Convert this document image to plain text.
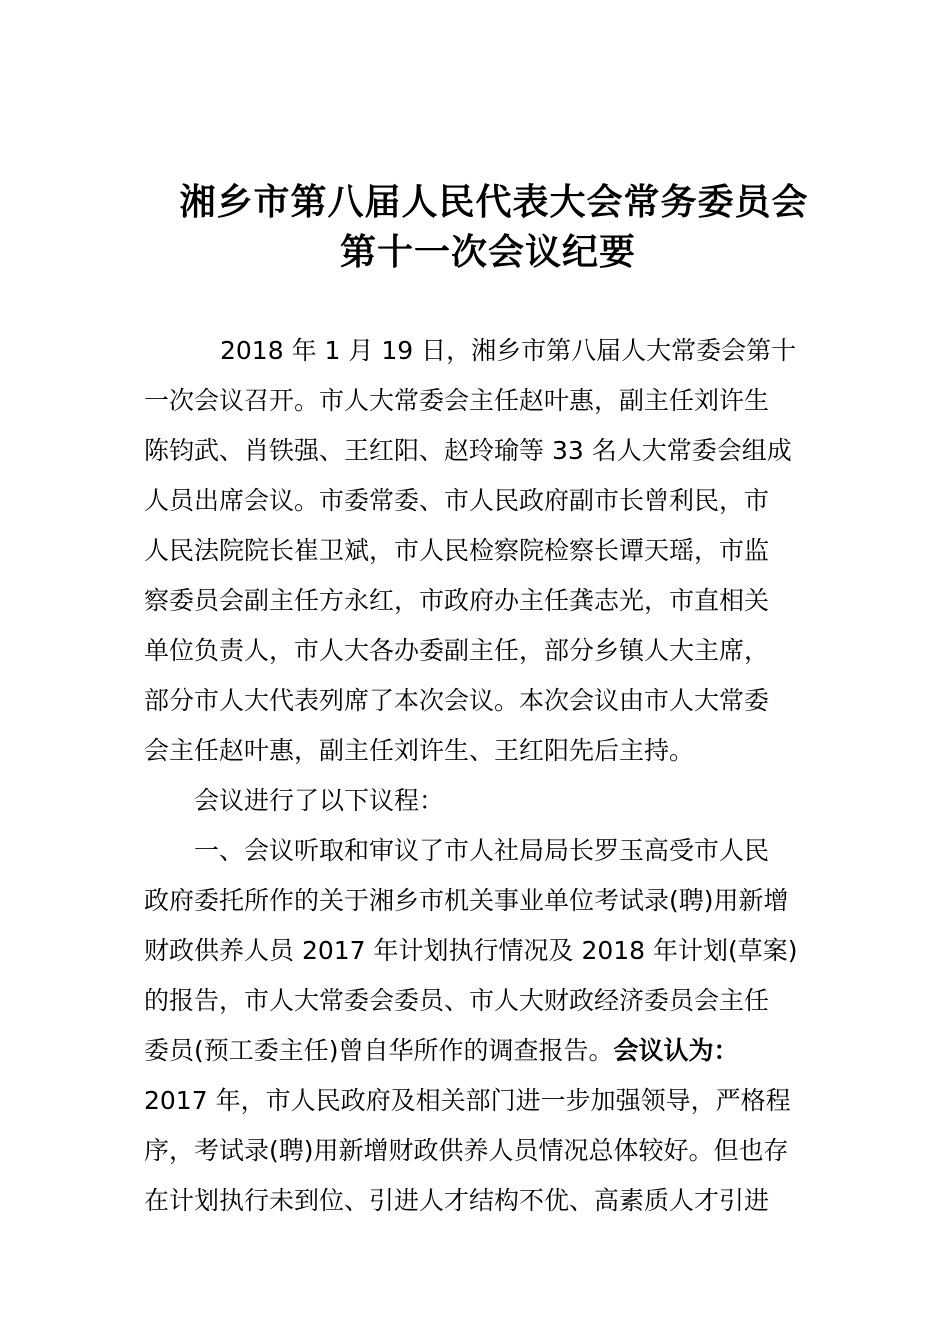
湘乡市第八届人民代表大会常务委员会
第十一次会议纪要

2018 年 1 月 19 日，湘乡市第八届人大常委会第十

一次会议召开。市人大常委会主任赵叶惠，副主任刘许生

陈钧武、肖铁强、王红阳、赵玲瑜等 33 名人大常委会组成

人员出席会议。市委常委、市人民政府副市长曾利民，市

人民法院院长崔卫斌，市人民检察院检察长谭天瑶，市监

察委员会副主任方永红，市政府办主任龚志光，市直相关

单位负责人，市人大各办委副主任，部分乡镇人大主席，

部分市人大代表列席了本次会议。本次会议由市人大常委

会主任赵叶惠，副主任刘许生、王红阳先后主持。

会议进行了以下议程：

一、会议听取和审议了市人社局局长罗玉高受市人民

政府委托所作的关于湘乡市机关事业单位考试录(聘)用新增

财政供养人员 2017 年计划执行情况及 2018 年计划(草案)

的报告，市人大常委会委员、市人大财政经济委员会主任

委员(预工委主任)曾自华所作的调查报告。会议认为：

2017 年，市人民政府及相关部门进一步加强领导，严格程

序，考试录(聘)用新增财政供养人员情况总体较好。但也存

在计划执行未到位、引进人才结构不优、高素质人才引进
